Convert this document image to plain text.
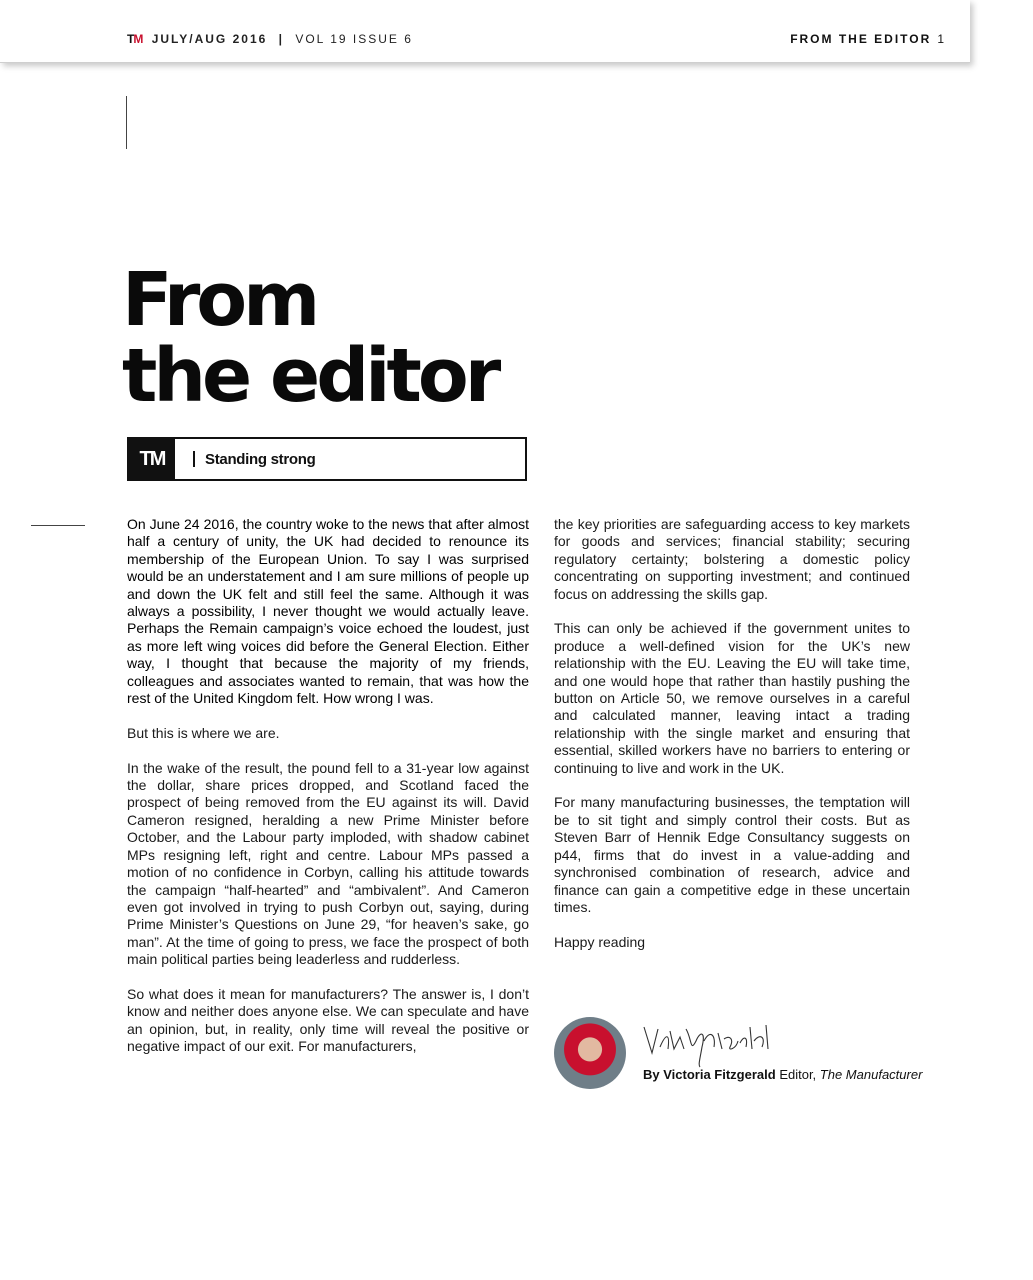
TM JULY/AUG 2016 | VOL 19 ISSUE 6	FROM THE EDITOR 1
From
the editor
TM	Standing strong

On June 24 2016, the country woke to the news that after almost half a century of unity, the UK had decided to renounce its membership of the European Union. To say I was surprised would be an understatement and I am sure millions of people up and down the UK felt and still feel the same. Although it was always a possibility, I never thought we would actually leave. Perhaps the Remain campaign’s voice echoed the loudest, just as more left wing voices did before the General Election. Either way, I thought that because the majority of my friends, colleagues and associates wanted to remain, that was how the rest of the United Kingdom felt. How wrong I was.

But this is where we are.

In the wake of the result, the pound fell to a 31-year low against the dollar, share prices dropped, and Scotland faced the prospect of being removed from the EU against its will. David Cameron resigned, heralding a new Prime Minister before October, and the Labour party imploded, with shadow cabinet MPs resigning left, right and centre. Labour MPs passed a motion of no confidence in Corbyn, calling his attitude towards the campaign “half-hearted” and “ambivalent”. And Cameron even got involved in trying to push Corbyn out, saying, during Prime Minister’s Questions on June 29, “for heaven’s sake, go man”. At the time of going to press, we face the prospect of both main political parties being leaderless and rudderless.

So what does it mean for manufacturers? The answer is, I don’t know and neither does anyone else. We can speculate and have an opinion, but, in reality, only time will reveal the positive or negative impact of our exit. For manufacturers,

the key priorities are safeguarding access to key markets for goods and services; financial stability; securing regulatory certainty; bolstering a domestic policy concentrating on supporting investment; and continued focus on addressing the skills gap.

This can only be achieved if the government unites to produce a well-defined vision for the UK’s new relationship with the EU. Leaving the EU will take time, and one would hope that rather than hastily pushing the button on Article 50, we remove ourselves in a careful and calculated manner, leaving intact a trading relationship with the single market and ensuring that essential, skilled workers have no barriers to entering or continuing to live and work in the UK.

For many manufacturing businesses, the temptation will be to sit tight and simply control their costs. But as Steven Barr of Hennik Edge Consultancy suggests on p44, firms that do invest in a value-adding and synchronised combination of research, advice and finance can gain a competitive edge in these uncertain times.

Happy reading

By Victoria Fitzgerald Editor, The Manufacturer
